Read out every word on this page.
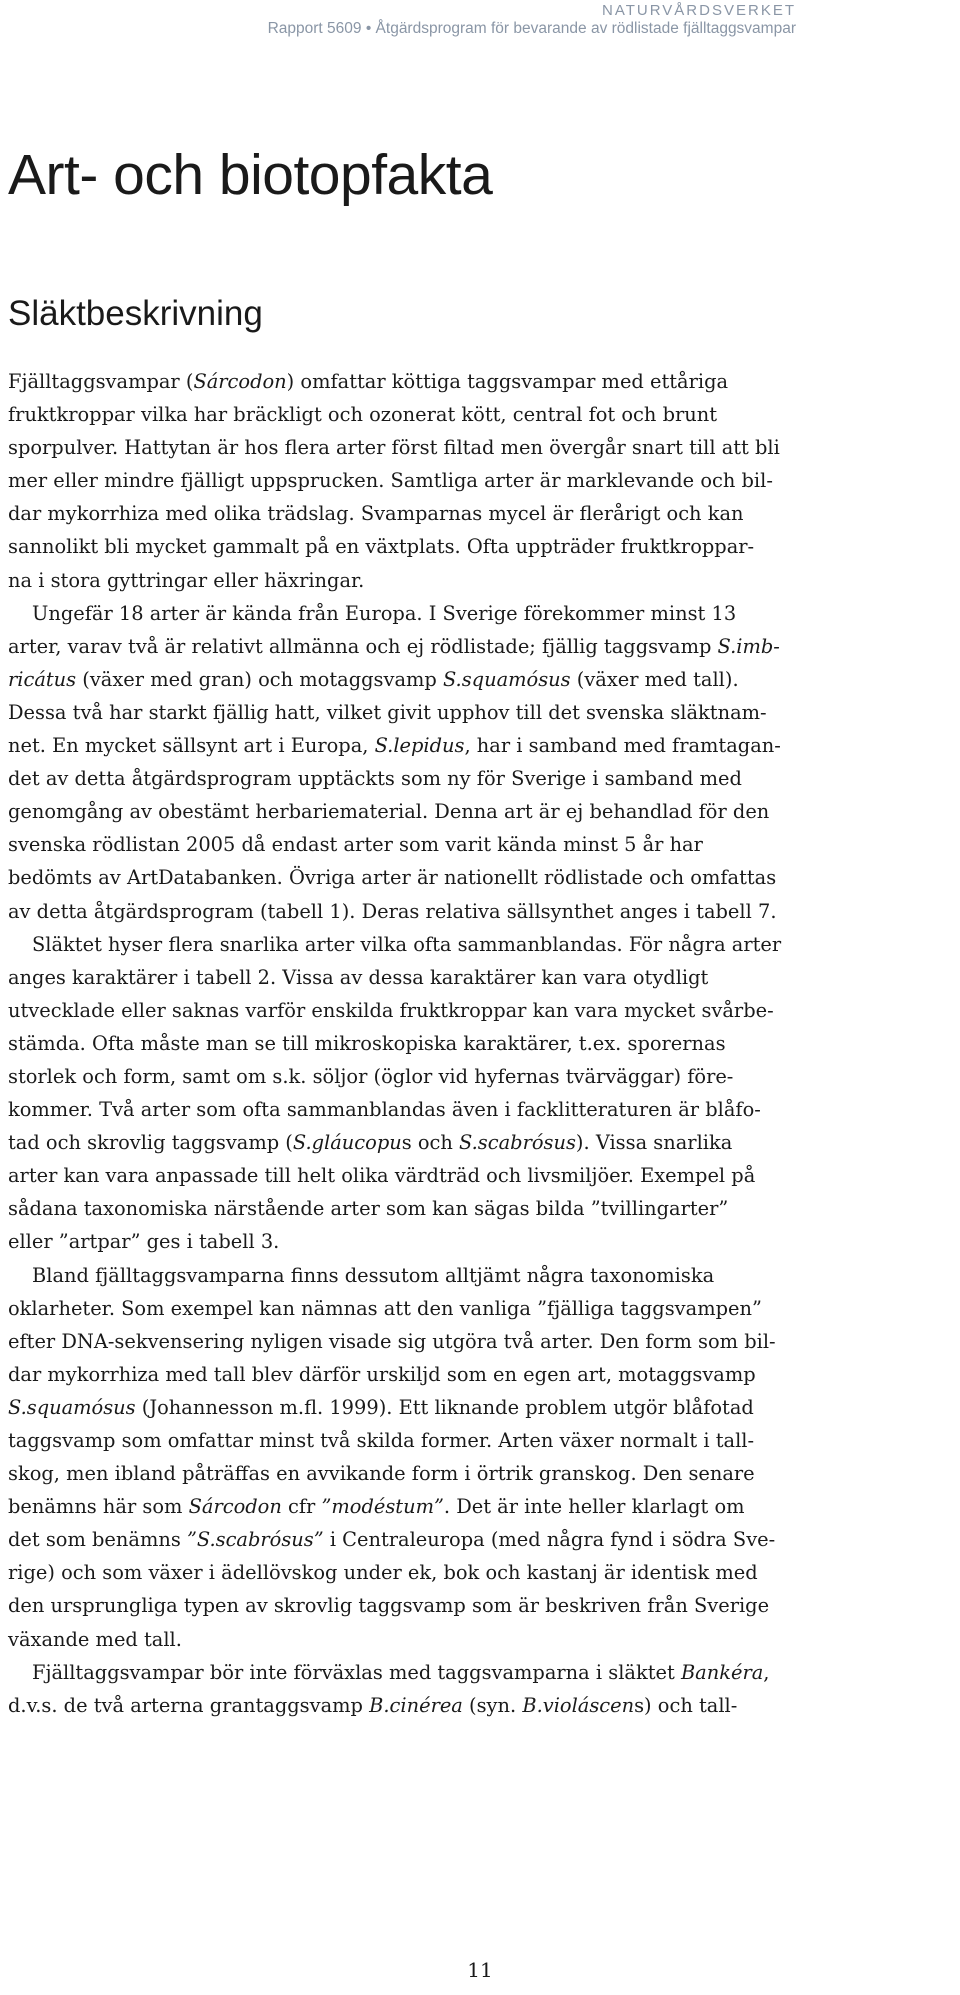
NATURVÅRDSVERKET
Rapport 5609 • Åtgärdsprogram för bevarande av rödlistade fjälltaggsvampar
Art- och biotopfakta
Släktbeskrivning
Fjälltaggsvampar (Sárcodon) omfattar köttiga taggsvampar med ettåriga
fruktkroppar vilka har bräckligt och ozonerat kött, central fot och brunt
sporpulver. Hattytan är hos flera arter först filtad men övergår snart till att bli
mer eller mindre fjälligt uppsprucken. Samtliga arter är marklevande och bil-
dar mykorrhiza med olika trädslag. Svamparnas mycel är flerårigt och kan
sannolikt bli mycket gammalt på en växtplats. Ofta uppträder fruktkroppar-
na i stora gyttringar eller häxringar.
Ungefär 18 arter är kända från Europa. I Sverige förekommer minst 13
arter, varav två är relativt allmänna och ej rödlistade; fjällig taggsvamp S.imb-
ricátus (växer med gran) och motaggsvamp S.squamósus (växer med tall).
Dessa två har starkt fjällig hatt, vilket givit upphov till det svenska släktnam-
net. En mycket sällsynt art i Europa, S.lepidus, har i samband med framtagan-
det av detta åtgärdsprogram upptäckts som ny för Sverige i samband med
genomgång av obestämt herbariematerial. Denna art är ej behandlad för den
svenska rödlistan 2005 då endast arter som varit kända minst 5 år har
bedömts av ArtDatabanken. Övriga arter är nationellt rödlistade och omfattas
av detta åtgärdsprogram (tabell 1). Deras relativa sällsynthet anges i tabell 7.
Släktet hyser flera snarlika arter vilka ofta sammanblandas. För några arter
anges karaktärer i tabell 2. Vissa av dessa karaktärer kan vara otydligt
utvecklade eller saknas varför enskilda fruktkroppar kan vara mycket svårbe-
stämda. Ofta måste man se till mikroskopiska karaktärer, t.ex. sporernas
storlek och form, samt om s.k. söljor (öglor vid hyfernas tvärväggar) före-
kommer. Två arter som ofta sammanblandas även i facklitteraturen är blåfo-
tad och skrovlig taggsvamp (S.gláucopus och S.scabrósus). Vissa snarlika
arter kan vara anpassade till helt olika värdträd och livsmiljöer. Exempel på
sådana taxonomiska närstående arter som kan sägas bilda ”tvillingarter”
eller ”artpar” ges i tabell 3.
Bland fjälltaggsvamparna finns dessutom alltjämt några taxonomiska
oklarheter. Som exempel kan nämnas att den vanliga ”fjälliga taggsvampen”
efter DNA-sekvensering nyligen visade sig utgöra två arter. Den form som bil-
dar mykorrhiza med tall blev därför urskiljd som en egen art, motaggsvamp
S.squamósus (Johannesson m.fl. 1999). Ett liknande problem utgör blåfotad
taggsvamp som omfattar minst två skilda former. Arten växer normalt i tall-
skog, men ibland påträffas en avvikande form i örtrik granskog. Den senare
benämns här som Sárcodon cfr ”modéstum”. Det är inte heller klarlagt om
det som benämns ”S.scabrósus” i Centraleuropa (med några fynd i södra Sve-
rige) och som växer i ädellövskog under ek, bok och kastanj är identisk med
den ursprungliga typen av skrovlig taggsvamp som är beskriven från Sverige
växande med tall.
Fjälltaggsvampar bör inte förväxlas med taggsvamparna i släktet Bankéra,
d.v.s. de två arterna grantaggsvamp B.cinérea (syn. B.violáscens) och tall-
11
